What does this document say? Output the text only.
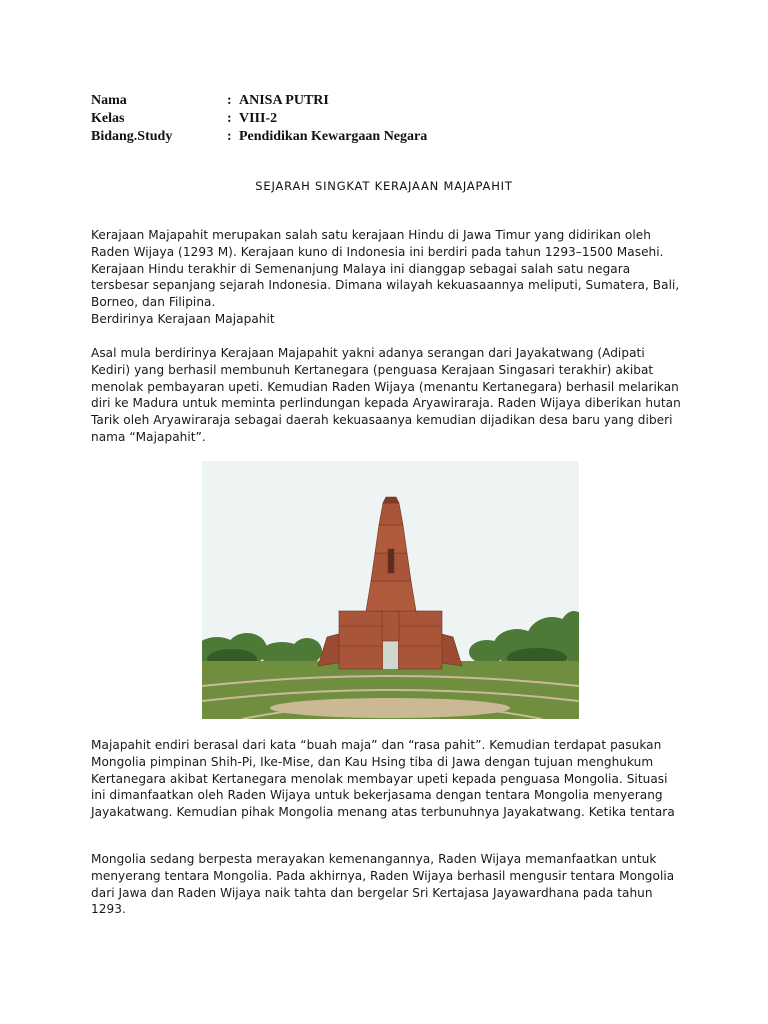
Nama	: ANISA PUTRI
Kelas	: VIII-2
Bidang.Study	: Pendidikan Kewargaan Negara
SEJARAH SINGKAT KERAJAAN MAJAPAHIT

Kerajaan Majapahit merupakan salah satu kerajaan Hindu di Jawa Timur yang didirikan oleh Raden Wijaya (1293 M). Kerajaan kuno di Indonesia ini berdiri pada tahun 1293–1500 Masehi. Kerajaan Hindu terakhir di Semenanjung Malaya ini dianggap sebagai salah satu negara tersbesar sepanjang sejarah Indonesia. Dimana wilayah kekuasaannya meliputi, Sumatera, Bali, Borneo, dan Filipina.

Berdirinya Kerajaan Majapahit

Asal mula berdirinya Kerajaan Majapahit yakni adanya serangan dari Jayakatwang (Adipati Kediri) yang berhasil membunuh Kertanegara (penguasa Kerajaan Singasari terakhir) akibat menolak pembayaran upeti. Kemudian Raden Wijaya (menantu Kertanegara) berhasil melarikan diri ke Madura untuk meminta perlindungan kepada Aryawiraraja. Raden Wijaya diberikan hutan Tarik oleh Aryawiraraja sebagai daerah kekuasaanya kemudian dijadikan desa baru yang diberi nama “Majapahit”.

Majapahit endiri berasal dari kata “buah maja” dan “rasa pahit”. Kemudian terdapat pasukan Mongolia pimpinan Shih-Pi, Ike-Mise, dan Kau Hsing tiba di Jawa dengan tujuan menghukum Kertanegara akibat Kertanegara menolak membayar upeti kepada penguasa Mongolia. Situasi ini dimanfaatkan oleh Raden Wijaya untuk bekerjasama dengan tentara Mongolia menyerang Jayakatwang. Kemudian pihak Mongolia menang atas terbunuhnya Jayakatwang. Ketika tentara

Mongolia sedang berpesta merayakan kemenangannya, Raden Wijaya memanfaatkan untuk menyerang tentara Mongolia. Pada akhirnya, Raden Wijaya berhasil mengusir tentara Mongolia dari Jawa dan Raden Wijaya naik tahta dan bergelar Sri Kertajasa Jayawardhana pada tahun 1293.
